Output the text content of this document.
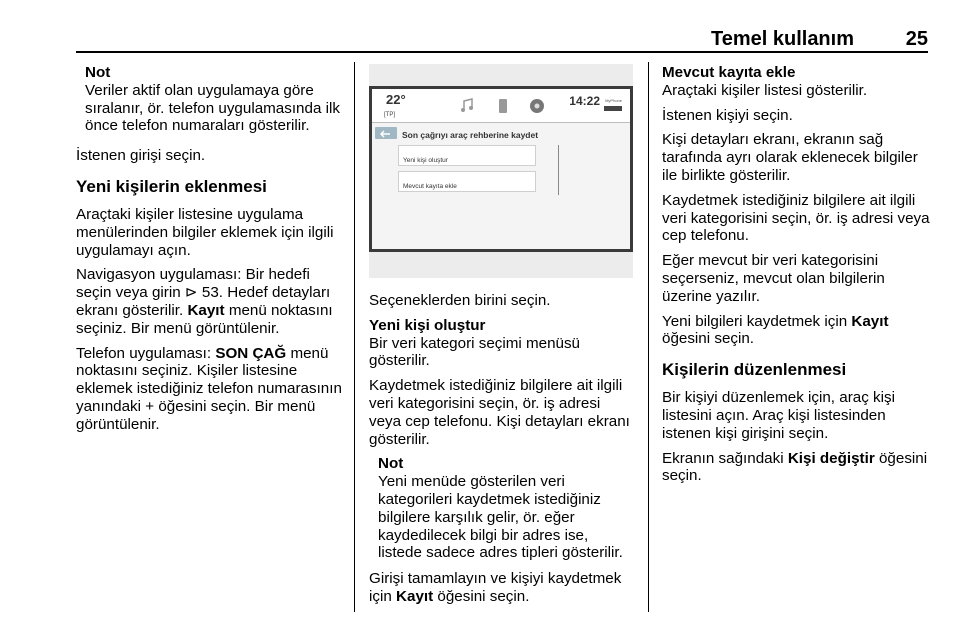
Temel kullanım	25
Not
Veriler aktif olan uygulamaya göre sıralanır, ör. telefon uygulamasında ilk önce telefon numaraları gösterilir.
İstenen girişi seçin.
Yeni kişilerin eklenmesi
Araçtaki kişiler listesine uygulama menülerinden bilgiler eklemek için ilgili uygulamayı açın.
Navigasyon uygulaması: Bir hedefi seçin veya girin ⊳ 53. Hedef detayları ekranı gösterilir. Kayıt menü noktasını seçiniz. Bir menü görüntülenir.
Telefon uygulaması: SON ÇAĞ menü noktasını seçiniz. Kişiler listesine eklemek istediğiniz telefon numarasının yanındaki + öğesini seçin. Bir menü görüntülenir.
22°
[TP]
14:22 MyPhone
Son çağrıyı araç rehberine kaydet
Yeni kişi oluştur
Mevcut kayıta ekle
Seçeneklerden birini seçin.
Yeni kişi oluştur
Bir veri kategori seçimi menüsü gösterilir.
Kaydetmek istediğiniz bilgilere ait ilgili veri kategorisini seçin, ör. iş adresi veya cep telefonu. Kişi detayları ekranı gösterilir.
Not
Yeni menüde gösterilen veri kategorileri kaydetmek istediğiniz bilgilere karşılık gelir, ör. eğer kaydedilecek bilgi bir adres ise, listede sadece adres tipleri gösterilir.
Girişi tamamlayın ve kişiyi kaydetmek için Kayıt öğesini seçin.
Mevcut kayıta ekle
Araçtaki kişiler listesi gösterilir.
İstenen kişiyi seçin.
Kişi detayları ekranı, ekranın sağ tarafında ayrı olarak eklenecek bilgiler ile birlikte gösterilir.
Kaydetmek istediğiniz bilgilere ait ilgili veri kategorisini seçin, ör. iş adresi veya cep telefonu.
Eğer mevcut bir veri kategorisini seçerseniz, mevcut olan bilgilerin üzerine yazılır.
Yeni bilgileri kaydetmek için Kayıt öğesini seçin.
Kişilerin düzenlenmesi
Bir kişiyi düzenlemek için, araç kişi listesini açın. Araç kişi listesinden istenen kişi girişini seçin.
Ekranın sağındaki Kişi değiştir öğesini seçin.
